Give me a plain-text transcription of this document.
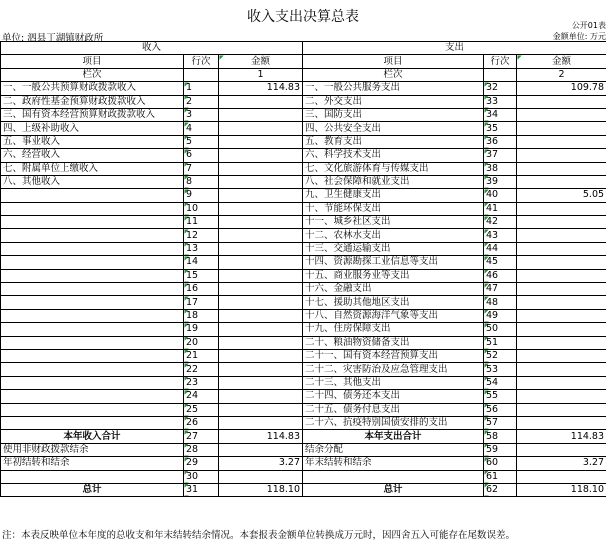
收入支出决算总表
公开01表
单位: 泗县丁湖镇财政所	金额单位: 万元
收入			支出		
项目	行次	金额	项目	行次	金额
栏次		1	栏次		2
一、一般公共预算财政拨款收入	1	114.83	一、一般公共服务支出	32	109.78
二、政府性基金预算财政拨款收入	2		二、外交支出	33	
三、国有资本经营预算财政拨款收入	3		三、国防支出	34	
四、上级补助收入	4		四、公共安全支出	35	
五、事业收入	5		五、教育支出	36	
六、经营收入	6		六、科学技术支出	37	
七、附属单位上缴收入	7		七、文化旅游体育与传媒支出	38	
八、其他收入	8		八、社会保障和就业支出	39	
	9		九、卫生健康支出	40	5.05
	10		十、节能环保支出	41	
	11		十一、城乡社区支出	42	
	12		十二、农林水支出	43	
	13		十三、交通运输支出	44	
	14		十四、资源勘探工业信息等支出	45	
	15		十五、商业服务业等支出	46	
	16		十六、金融支出	47	
	17		十七、援助其他地区支出	48	
	18		十八、自然资源海洋气象等支出	49	
	19		十九、住房保障支出	50	
	20		二十、粮油物资储备支出	51	
	21		二十一、国有资本经营预算支出	52	
	22		二十二、灾害防治及应急管理支出	53	
	23		二十三、其他支出	54	
	24		二十四、债务还本支出	55	
	25		二十五、债务付息支出	56	
	26		二十六、抗疫特别国债安排的支出	57	
本年收入合计	27	114.83	本年支出合计	58	114.83
使用非财政拨款结余	28		结余分配	59	
年初结转和结余	29	3.27	年末结转和结余	60	3.27
	30			61	
总计	31	118.10	总计	62	118.10
注：本表反映单位本年度的总收支和年末结转结余情况。本套报表金额单位转换成万元时，因四舍五入可能存在尾数误差。
